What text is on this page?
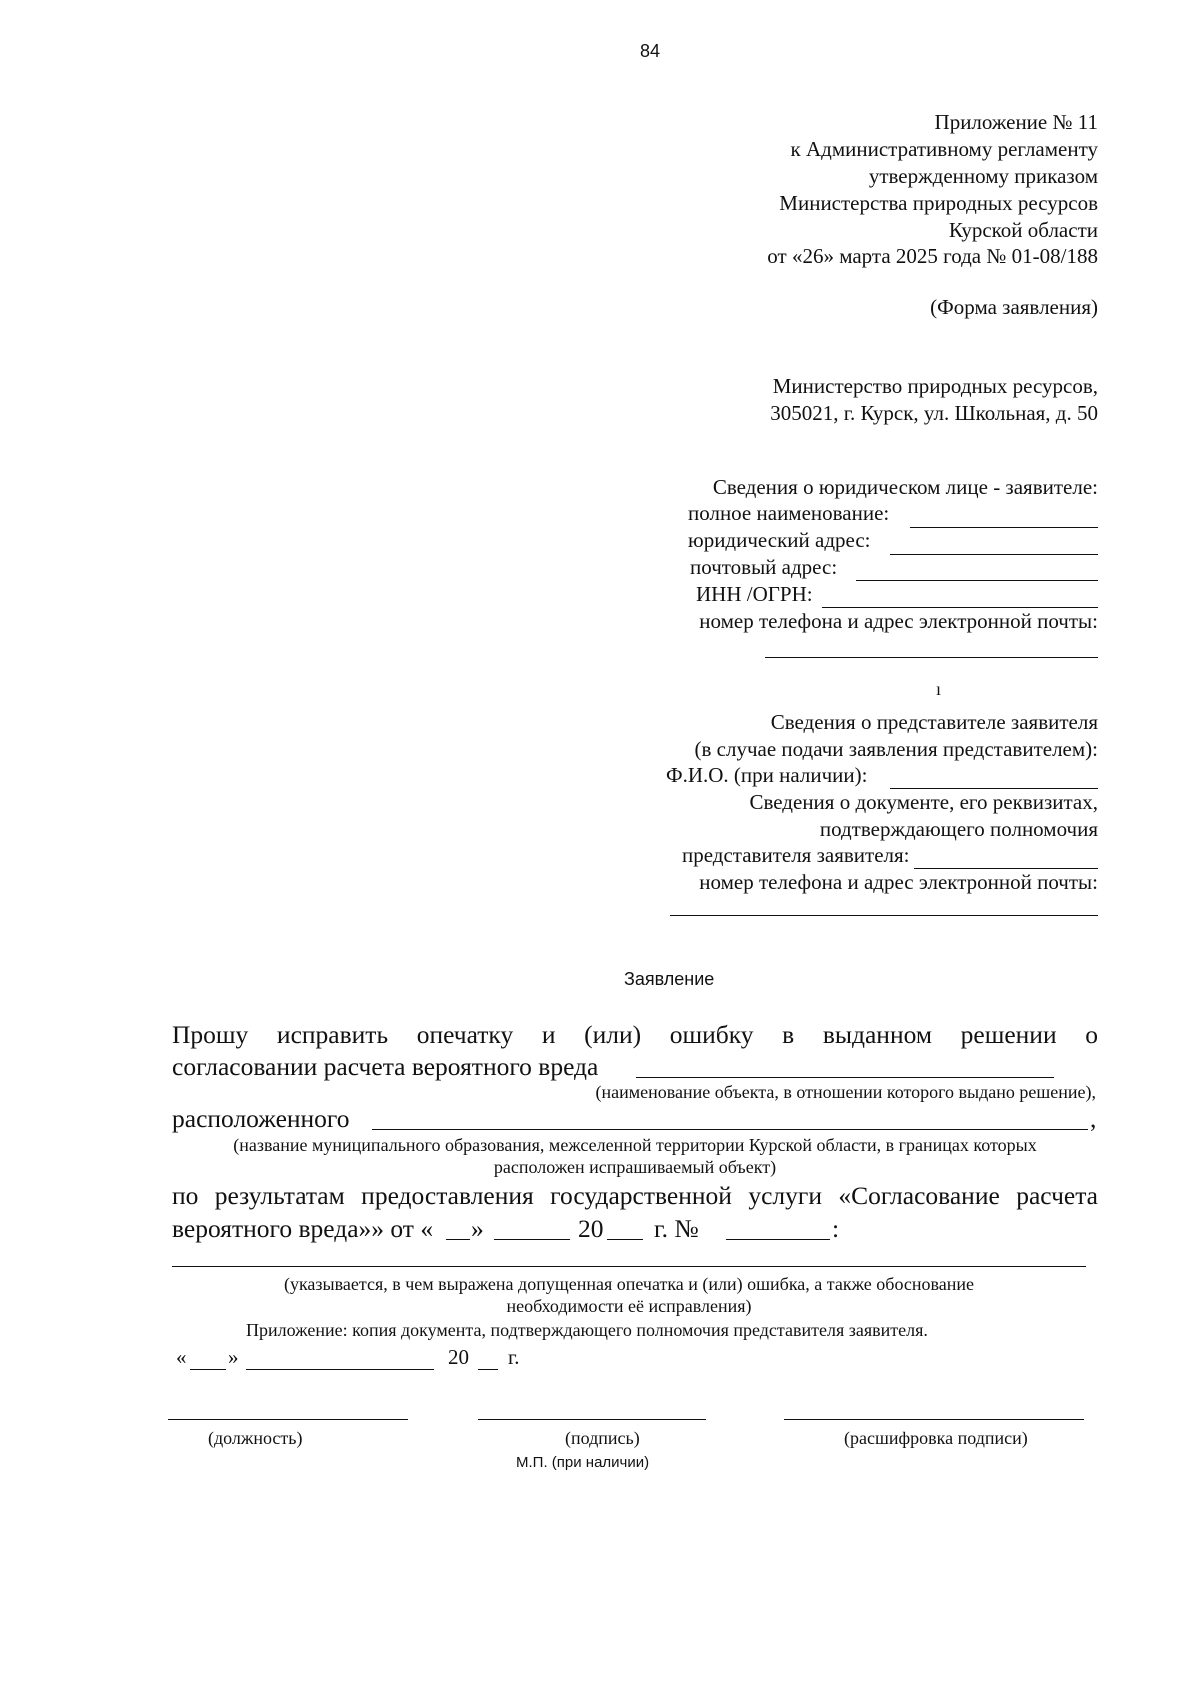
84
Приложение № 11
к Административному регламенту
утвержденному приказом
Министерства природных ресурсов
Курской области
от «26» марта 2025 года № 01-08/188
(Форма заявления)
Министерство природных ресурсов,
305021, г. Курск, ул. Школьная, д. 50
Сведения о юридическом лице - заявителе:
полное наименование:
юридический адрес:
почтовый адрес:
ИНН /ОГРН:
номер телефона и адрес электронной почты:
ı
Сведения о представителе заявителя
(в случае подачи заявления представителем):
Ф.И.О. (при наличии):
Сведения о документе, его реквизитах,
подтверждающего полномочия
представителя заявителя:
номер телефона и адрес электронной почты:
Заявление
Прошу исправить опечатку и (или) ошибку в выданном решении о
согласовании расчета вероятного вреда
(наименование объекта, в отношении которого выдано решение),
расположенного	,
(название муниципального образования, межселенной территории Курской области, в границах которых
расположен испрашиваемый объект)
по результатам предоставления государственной услуги «Согласование расчета
вероятного вреда»» от « »	20 г. №	:
(указывается, в чем выражена допущенная опечатка и (или) ошибка, а также обоснование
необходимости её исправления)
Приложение: копия документа, подтверждающего полномочия представителя заявителя.
« »	20 г.
(должность)	(подпись)	(расшифровка подписи)
М.П. (при наличии)
